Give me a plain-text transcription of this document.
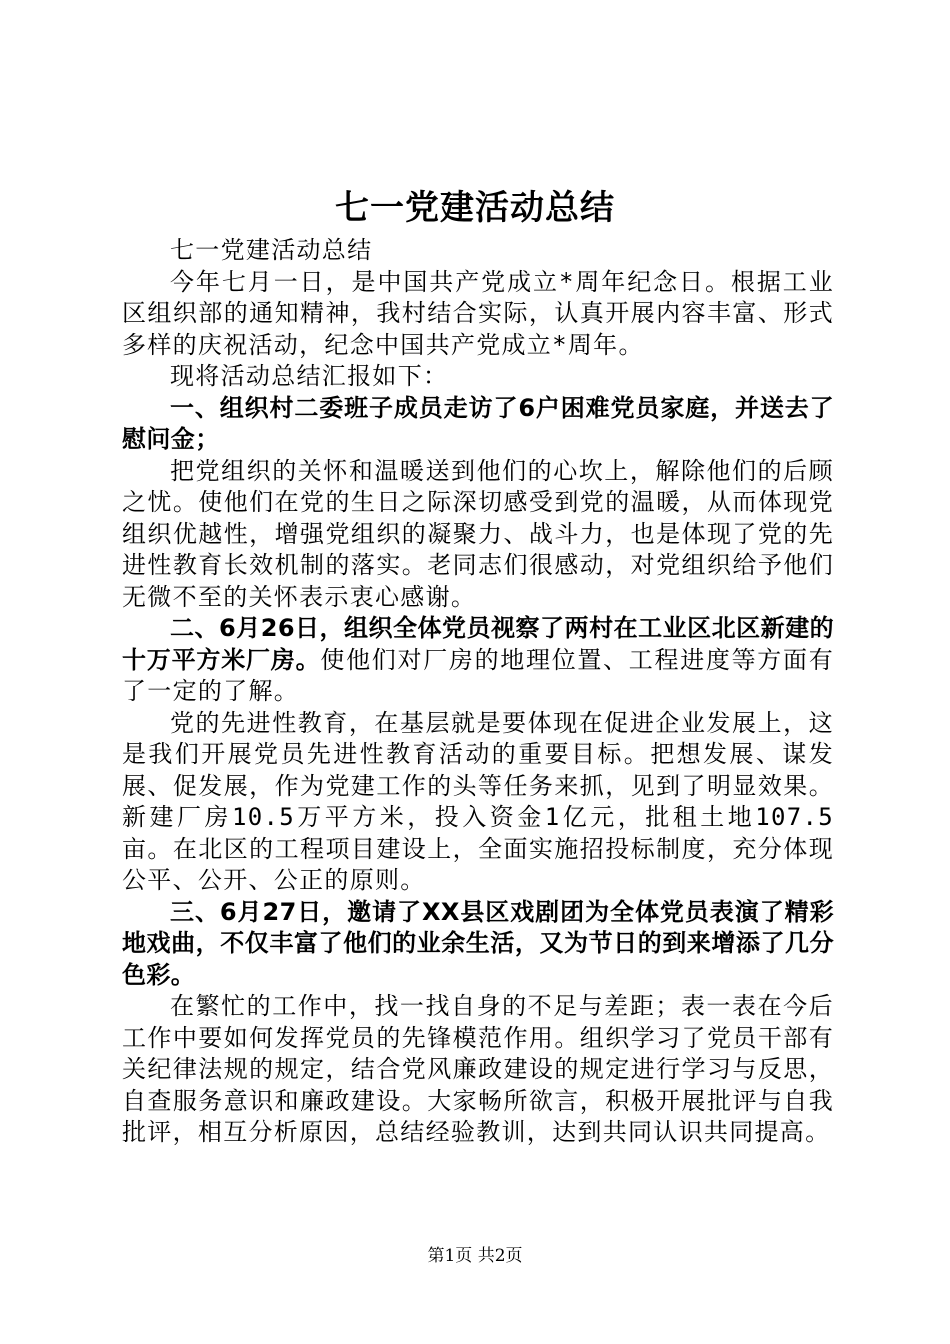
七一党建活动总结

七一党建活动总结

今年七月一日，是中国共产党成立*周年纪念日。根据工业区组织部的通知精神，我村结合实际，认真开展内容丰富、形式多样的庆祝活动，纪念中国共产党成立*周年。

现将活动总结汇报如下：

一、组织村二委班子成员走访了6户困难党员家庭，并送去了慰问金；

把党组织的关怀和温暖送到他们的心坎上，解除他们的后顾之忧。使他们在党的生日之际深切感受到党的温暖，从而体现党组织优越性，增强党组织的凝聚力、战斗力，也是体现了党的先进性教育长效机制的落实。老同志们很感动，对党组织给予他们无微不至的关怀表示衷心感谢。

二、6月26日，组织全体党员视察了两村在工业区北区新建的十万平方米厂房。使他们对厂房的地理位置、工程进度等方面有了一定的了解。

党的先进性教育，在基层就是要体现在促进企业发展上，这是我们开展党员先进性教育活动的重要目标。把想发展、谋发展、促发展，作为党建工作的头等任务来抓，见到了明显效果。新建厂房10.5万平方米，投入资金1亿元，批租土地107.5亩。在北区的工程项目建设上，全面实施招投标制度，充分体现公平、公开、公正的原则。

三、6月27日，邀请了XX县区戏剧团为全体党员表演了精彩地戏曲，不仅丰富了他们的业余生活，又为节日的到来增添了几分色彩。

在繁忙的工作中，找一找自身的不足与差距；表一表在今后工作中要如何发挥党员的先锋模范作用。组织学习了党员干部有关纪律法规的规定，结合党风廉政建设的规定进行学习与反思，自查服务意识和廉政建设。大家畅所欲言，积极开展批评与自我批评，相互分析原因，总结经验教训，达到共同认识共同提高。

第1页 共2页
